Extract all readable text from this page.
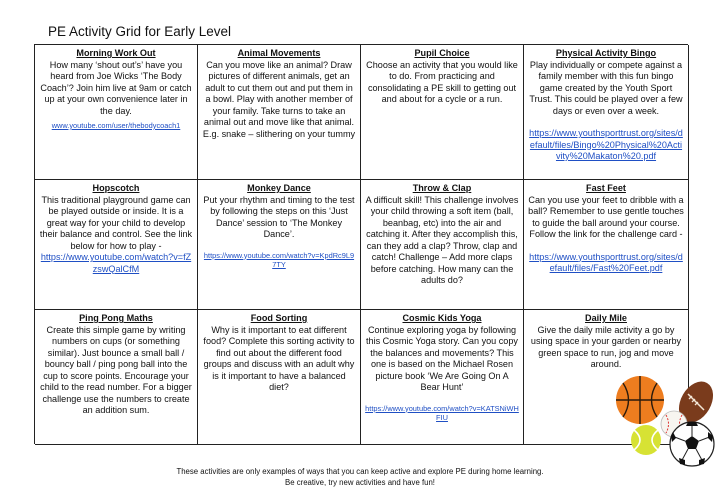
PE Activity Grid for Early Level
Morning Work Out
How many ‘shout out’s’ have you heard from Joe Wicks ‘The Body Coach’? Join him live at 9am or catch up at your own convenience later in the day.
www.youtube.com/user/thebodycoach1
Animal Movements
Can you move like an animal? Draw pictures of different animals, get an adult to cut them out and put them in a bowl. Play with another member of your family. Take turns to take an animal out and move like that animal.
E.g. snake – slithering on your tummy
Pupil Choice
Choose an activity that you would like to do. From practicing and consolidating a PE skill to getting out and about for a cycle or a run.
Physical Activity Bingo
Play individually or compete against a family member with this fun bingo game created by the Youth Sport Trust. This could be played over a few days or even over a week.
https://www.youthsporttrust.org/sites/default/files/Bingo%20Physical%20Activity%20Makaton%20.pdf
Hopscotch
This traditional playground game can be played outside or inside. It is a great way for your child to develop their balance and control. See the link below for how to play -
https://www.youtube.com/watch?v=fZzswQalCfM
Monkey Dance
Put your rhythm and timing to the test by following the steps on this ‘Just Dance’ session to ‘The Monkey Dance’.
https://www.youtube.com/watch?v=KpdRc9L97TY
Throw & Clap
A difficult skill! This challenge involves your child throwing a soft item (ball, beanbag, etc) into the air and catching it. After they accomplish this, can they add a clap? Throw, clap and catch! Challenge – Add more claps before catching. How many can the adults do?
Fast Feet
Can you use your feet to dribble with a ball? Remember to use gentle touches to guide the ball around your course. Follow the link for the challenge card -
https://www.youthsporttrust.org/sites/default/files/Fast%20Feet.pdf
Ping Pong Maths
Create this simple game by writing numbers on cups (or something similar). Just bounce a small ball / bouncy ball / ping pong ball into the cup to score points. Encourage your child to the read number. For a bigger challenge use the numbers to create an addition sum.
Food Sorting
Why is it important to eat different food? Complete this sorting activity to find out about the different food groups and discuss with an adult why is it important to have a balanced diet?
Cosmic Kids Yoga
Continue exploring yoga by following this Cosmic Yoga story. Can you copy the balances and movements? This one is based on the Michael Rosen picture book ‘We Are Going On A Bear Hunt’
https://www.youtube.com/watch?v=KATSNiWHFIU
Daily Mile
Give the daily mile activity a go by using space in your garden or nearby green space to run, jog and move around.
These activities are only examples of ways that you can keep active and explore PE during home learning.
Be creative, try new activities and have fun!
